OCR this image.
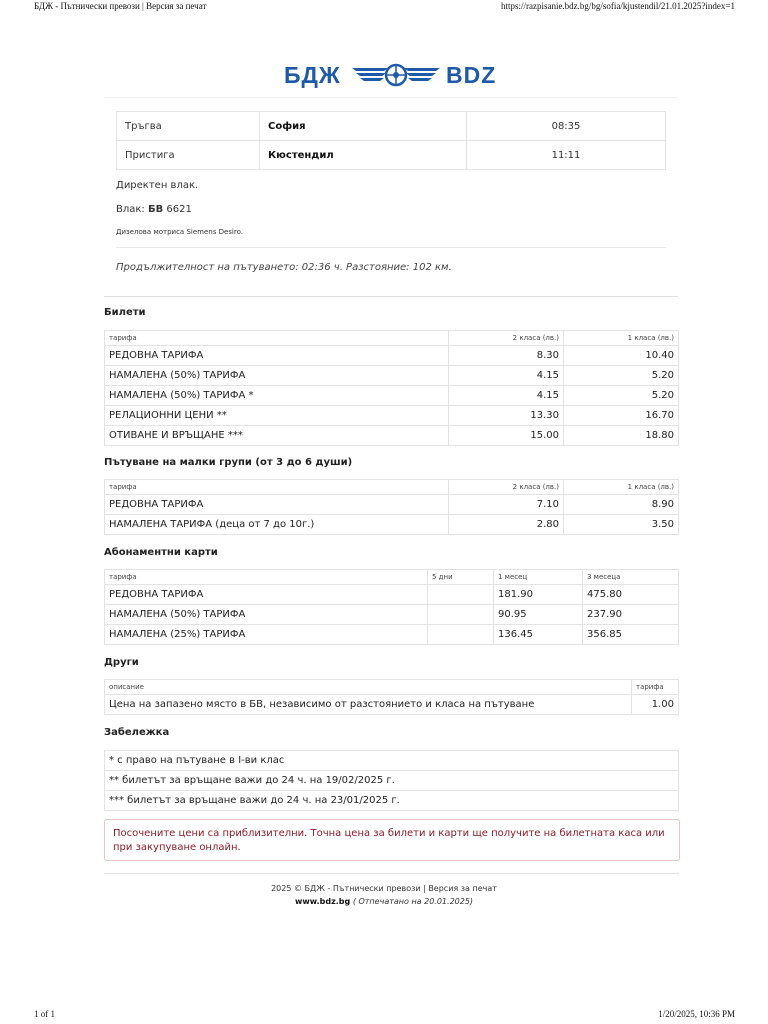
БДЖ - Пътнически превози | Версия за печат	https://razpisanie.bdz.bg/bg/sofia/kjustendil/21.01.2025?index=1
БДЖ	BDZ
Тръгва	София	08:35
Пристига	Кюстендил	11:11
Директен влак.
Влак: БВ 6621
Дизелова мотриса Siemens Desiro.
Продължителност на пътуването: 02:36 ч. Разстояние: 102 км.
Билети
тарифа	2 класа (лв.)	1 класа (лв.)
РЕДОВНА ТАРИФА	8.30	10.40
НАМАЛЕНА (50%) ТАРИФА	4.15	5.20
НАМАЛЕНА (50%) ТАРИФА *	4.15	5.20
РЕЛАЦИОННИ ЦЕНИ **	13.30	16.70
ОТИВАНЕ И ВРЪЩАНЕ ***	15.00	18.80
Пътуване на малки групи (от 3 до 6 души)
тарифа	2 класа (лв.)	1 класа (лв.)
РЕДОВНА ТАРИФА	7.10	8.90
НАМАЛЕНА ТАРИФА (деца от 7 до 10г.)	2.80	3.50
Абонаментни карти
тарифа	5 дни	1 месец	3 месеца
РЕДОВНА ТАРИФА		181.90	475.80
НАМАЛЕНА (50%) ТАРИФА		90.95	237.90
НАМАЛЕНА (25%) ТАРИФА		136.45	356.85
Други
описание	тарифа
Цена на запазено място в БВ, независимо от разстоянието и класа на пътуване	1.00
Забележка
* с право на пътуване в I-ви клас
** билетът за връщане важи до 24 ч. на 19/02/2025 г.
*** билетът за връщане важи до 24 ч. на 23/01/2025 г.
Посочените цени са приблизителни. Точна цена за билети и карти ще получите на билетната каса или при закупуване онлайн.
2025 © БДЖ - Пътнически превози | Версия за печат
www.bdz.bg ( Отпечатано на 20.01.2025)
1 of 1	1/20/2025, 10:36 PM
